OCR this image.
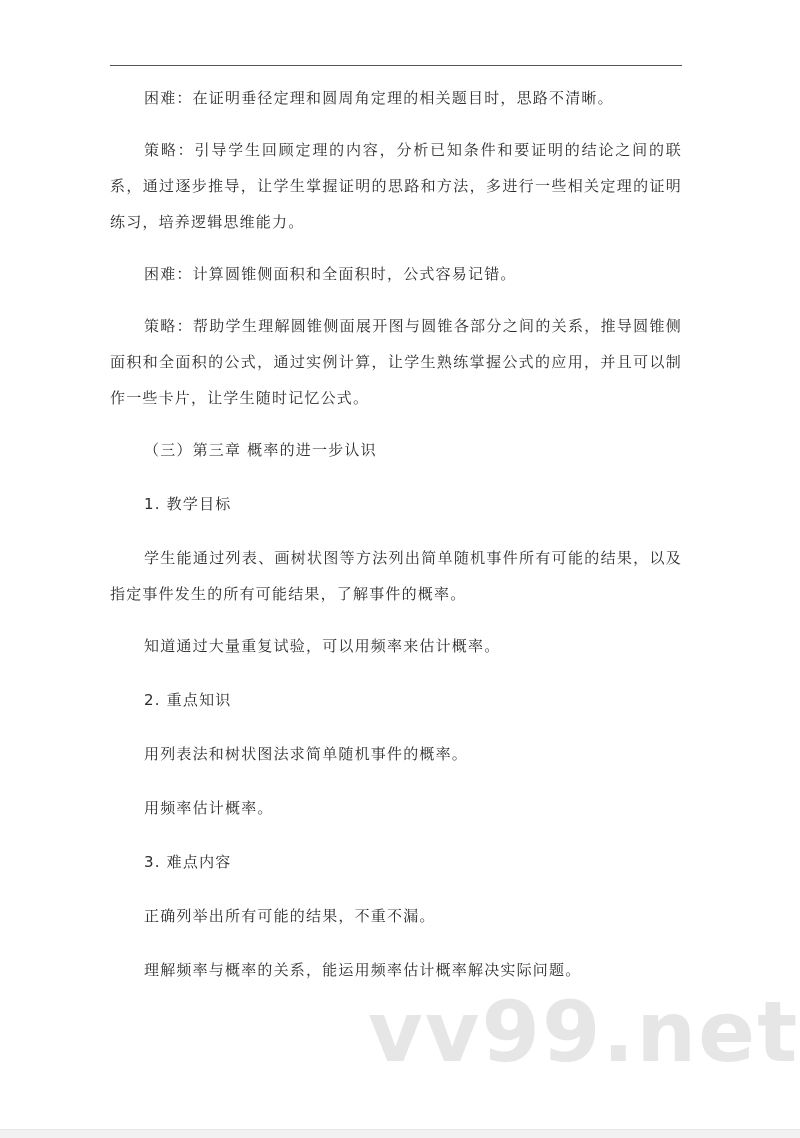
困难：在证明垂径定理和圆周角定理的相关题目时，思路不清晰。

策略：引导学生回顾定理的内容，分析已知条件和要证明的结论之间的联系，通过逐步推导，让学生掌握证明的思路和方法，多进行一些相关定理的证明练习，培养逻辑思维能力。

困难：计算圆锥侧面积和全面积时，公式容易记错。

策略：帮助学生理解圆锥侧面展开图与圆锥各部分之间的关系，推导圆锥侧面积和全面积的公式，通过实例计算，让学生熟练掌握公式的应用，并且可以制作一些卡片，让学生随时记忆公式。

（三）第三章 概率的进一步认识

1. 教学目标

学生能通过列表、画树状图等方法列出简单随机事件所有可能的结果，以及指定事件发生的所有可能结果，了解事件的概率。

知道通过大量重复试验，可以用频率来估计概率。

2. 重点知识

用列表法和树状图法求简单随机事件的概率。

用频率估计概率。

3. 难点内容

正确列举出所有可能的结果，不重不漏。

理解频率与概率的关系，能运用频率估计概率解决实际问题。

vv99.net
